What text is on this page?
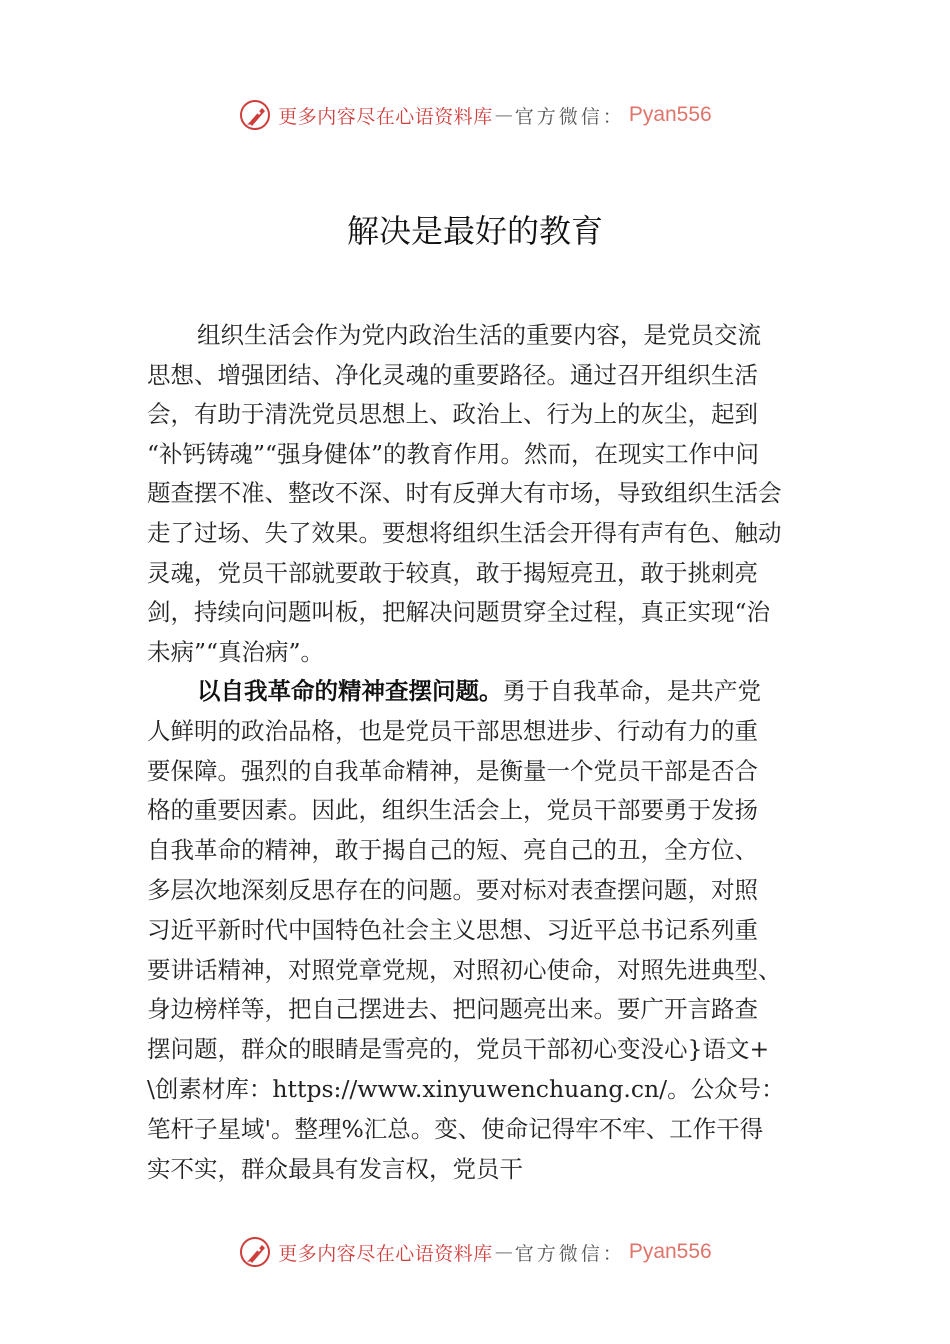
更多内容尽在心语资料库 — 官方微信： Pyan556
解决是最好的教育
组织生活会作为党内政治生活的重要内容，是党员交流
思想、增强团结、净化灵魂的重要路径。通过召开组织生活
会，有助于清洗党员思想上、政治上、行为上的灰尘，起到
“补钙铸魂”“强身健体”的教育作用。然而，在现实工作中问
题查摆不准、整改不深、时有反弹大有市场，导致组织生活会
走了过场、失了效果。要想将组织生活会开得有声有色、触动
灵魂，党员干部就要敢于较真，敢于揭短亮丑，敢于挑刺亮
剑，持续向问题叫板，把解决问题贯穿全过程，真正实现“治
未病”“真治病”。
以自我革命的精神查摆问题。勇于自我革命，是共产党
人鲜明的政治品格，也是党员干部思想进步、行动有力的重
要保障。强烈的自我革命精神，是衡量一个党员干部是否合
格的重要因素。因此，组织生活会上，党员干部要勇于发扬
自我革命的精神，敢于揭自己的短、亮自己的丑，全方位、
多层次地深刻反思存在的问题。要对标对表查摆问题，对照
习近平新时代中国特色社会主义思想、习近平总书记系列重
要讲话精神，对照党章党规，对照初心使命，对照先进典型、
身边榜样等，把自己摆进去、把问题亮出来。要广开言路查
摆问题，群众的眼睛是雪亮的，党员干部初心变没心}语文+
\创素材库：https://www.xinyuwenchuang.cn/。公众号：
笔杆子星域'。整理%汇总。变、使命记得牢不牢、工作干得
实不实，群众最具有发言权，党员干
更多内容尽在心语资料库 — 官方微信： Pyan556
